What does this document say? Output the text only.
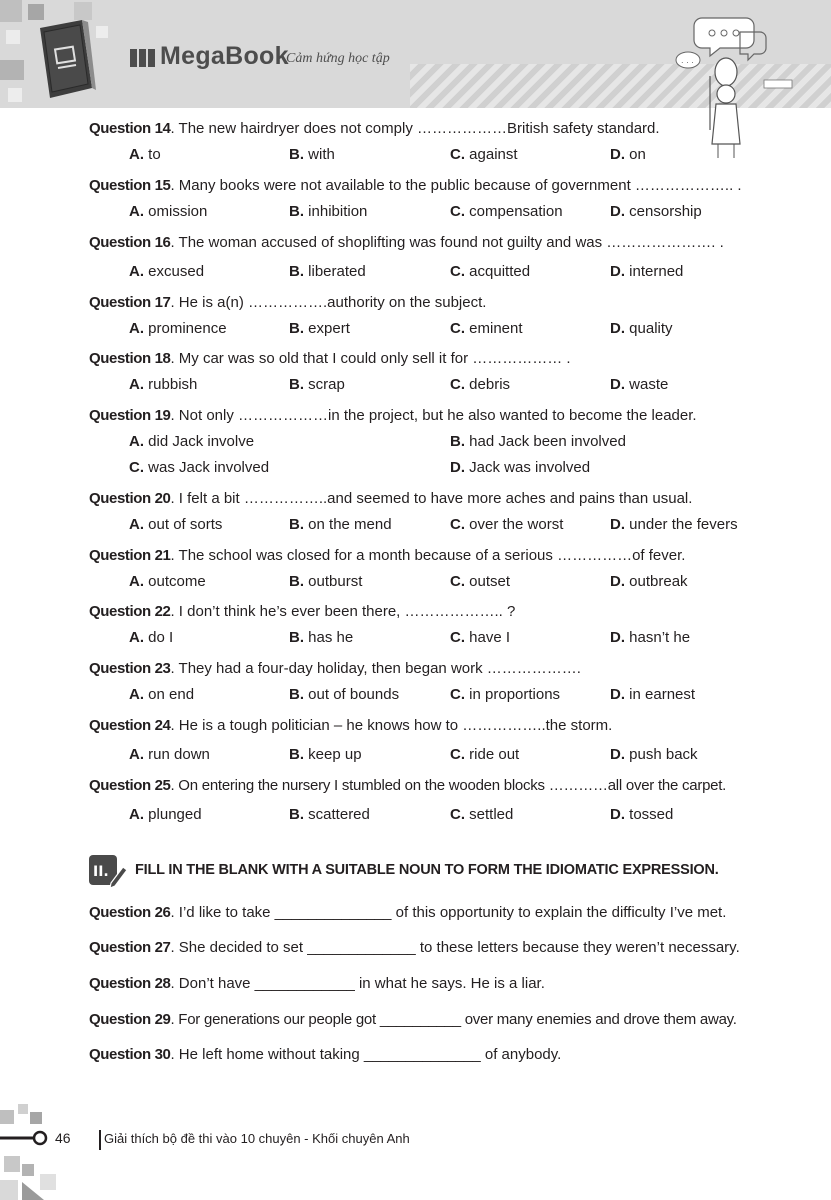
MegaBook
Cảm hứng học tập	. . .
Question 14. The new hairdryer does not comply ………………British safety standard.
A. to	B. with	C. against	D. on
Question 15. Many books were not available to the public because of government ……………….. .
A. omission	B. inhibition	C. compensation	D. censorship
Question 16. The woman accused of shoplifting was found not guilty and was …………………. .
A. excused	B. liberated	C. acquitted	D. interned
Question 17. He is a(n) …………….authority on the subject.
A. prominence	B. expert	C. eminent	D. quality
Question 18. My car was so old that I could only sell it for ……………… .
A. rubbish	B. scrap	C. debris	D. waste
Question 19. Not only ………………in the project, but he also wanted to become the leader.
A. did Jack involve	B. had Jack been involved
C. was Jack involved	D. Jack was involved
Question 20. I felt a bit ……………..and seemed to have more aches and pains than usual.
A. out of sorts	B. on the mend	C. over the worst	D. under the fevers
Question 21. The school was closed for a month because of a serious ……………of fever.
A. outcome	B. outburst	C. outset	D. outbreak
Question 22. I don’t think he’s ever been there, ……………….. ?
A. do I	B. has he	C. have I	D. hasn’t he
Question 23. They had a four-day holiday, then began work ……………….
A. on end	B. out of bounds	C. in proportions	D. in earnest
Question 24. He is a tough politician – he knows how to ……………..the storm.
A. run down	B. keep up	C. ride out	D. push back
Question 25. On entering the nursery I stumbled on the wooden blocks …………all over the carpet.
A. plunged	B. scattered	C. settled	D. tossed
II. FILL IN THE BLANK WITH A SUITABLE NOUN TO FORM THE IDIOMATIC EXPRESSION.
Question 26. I’d like to take ______________ of this opportunity to explain the difficulty I’ve met.
Question 27. She decided to set _____________ to these letters because they weren’t necessary.
Question 28. Don’t have ____________ in what he says. He is a liar.
Question 29. For generations our people got __________ over many enemies and drove them away.
Question 30. He left home without taking ______________ of anybody.
46	Giải thích bộ đề thi vào 10 chuyên - Khối chuyên Anh
